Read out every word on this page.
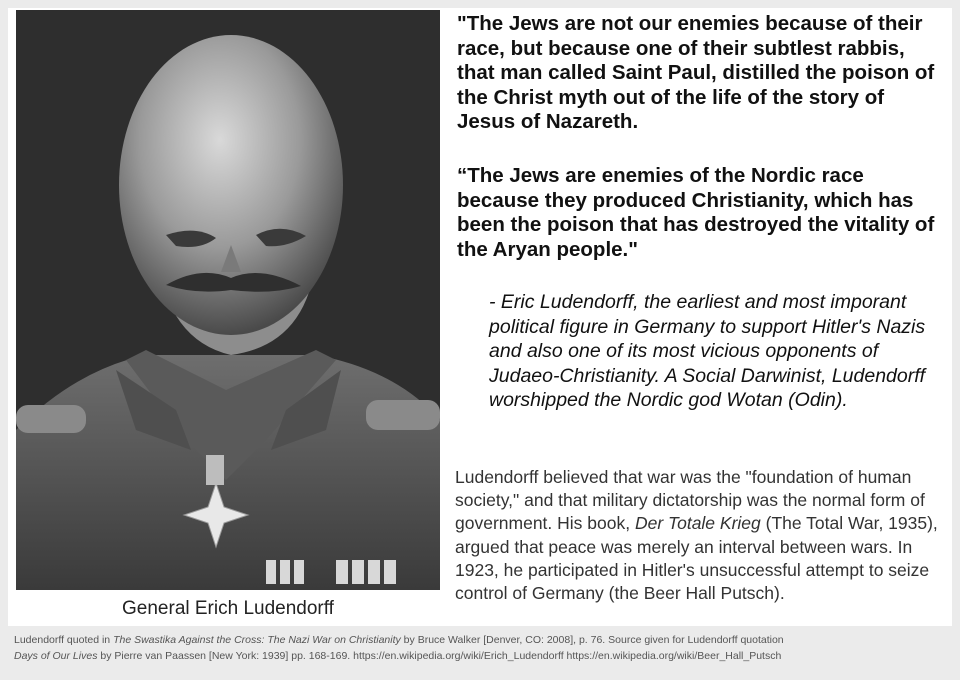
General Erich Ludendorff

"The Jews are not our enemies because of their race, but because one of their subtlest rabbis, that man called Saint Paul, distilled the poison of the Christ myth out of the life of the story of Jesus of Nazareth.

“The Jews are enemies of the Nordic race because they produced Christianity, which has been the poison that has destroyed the vitality of the Aryan people."

- Eric Ludendorff, the earliest and most imporant political figure in Germany to support Hitler's Nazis and also one of its most vicious opponents of Judaeo-Christianity. A Social Darwinist, Ludendorff worshipped the Nordic god Wotan (Odin).

Ludendorff believed that war was the "foundation of human society," and that military dictatorship was the normal form of government. His book, Der Totale Krieg (The Total War, 1935), argued that peace was merely an interval between wars. In 1923, he participated in Hitler's unsuccessful attempt to seize control of Germany (the Beer Hall Putsch).

Ludendorff quoted in The Swastika Against the Cross: The Nazi War on Christianity by Bruce Walker [Denver, CO: 2008], p. 76. Source given for Ludendorff quotation
Days of Our Lives by Pierre van Paassen [New York: 1939] pp. 168-169. https://en.wikipedia.org/wiki/Erich_Ludendorff https://en.wikipedia.org/wiki/Beer_Hall_Putsch
